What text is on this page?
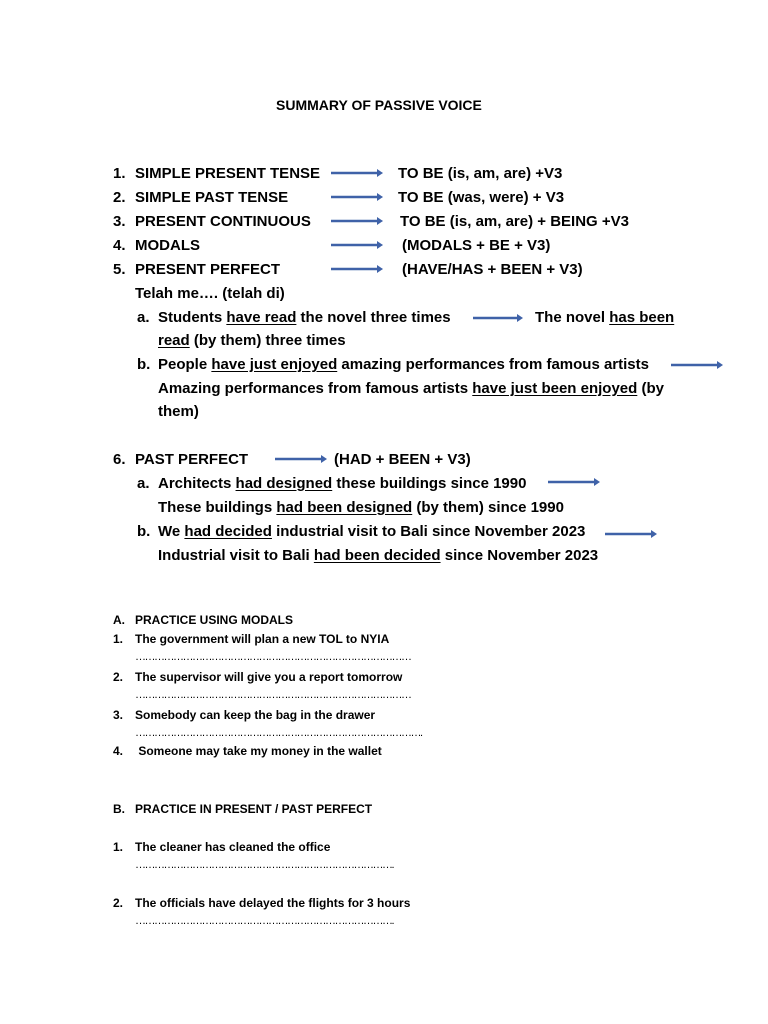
SUMMARY OF PASSIVE VOICE
1. SIMPLE PRESENT TENSE	TO BE (is, am, are) +V3
2. SIMPLE PAST TENSE	TO BE (was, were) + V3
3. PRESENT CONTINUOUS	TO BE (is, am, are) + BEING +V3
4. MODALS	(MODALS + BE + V3)
5. PRESENT PERFECT	(HAVE/HAS + BEEN + V3)
Telah me…. (telah di)
a. Students have read the novel three times	The novel has been
read (by them) three times
b. People have just enjoyed amazing performances from famous artists
Amazing performances from famous artists have just been enjoyed (by
them)
6. PAST PERFECT	(HAD + BEEN + V3)
a. Architects had designed these buildings since 1990
These buildings had been designed (by them) since 1990
b. We had decided industrial visit to Bali since November 2023
Industrial visit to Bali had been decided since November 2023
A. PRACTICE USING MODALS
1. The government will plan a new TOL to NYIA
……………………………………………………………………………
2. The supervisor will give you a report tomorrow
……………………………………………………………………………
3. Somebody can keep the bag in the drawer
……………………………………………………………………………….
4. Someone may take my money in the wallet
B. PRACTICE IN PRESENT / PAST PERFECT
1. The cleaner has cleaned the office
……………………………………………………………………….
2. The officials have delayed the flights for 3 hours
……………………………………………………………………….
